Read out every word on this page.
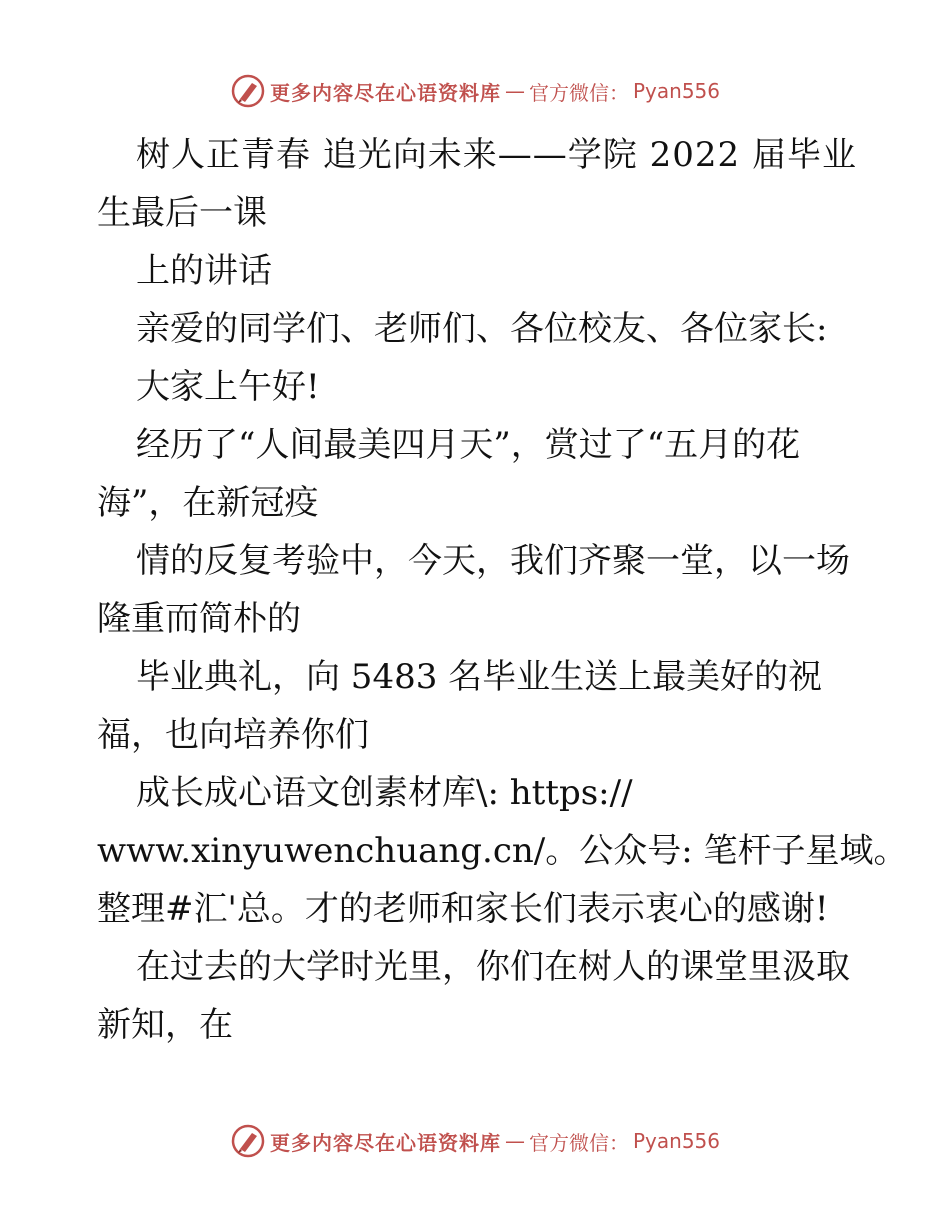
更多内容尽在心语资料库 — 官方微信： Pyan556
树人正青春 追光向未来——学院 2022 届毕业
生最后一课
上的讲话
亲爱的同学们、老师们、各位校友、各位家长:
大家上午好!
经历了“人间最美四月天”，赏过了“五月的花
海”，在新冠疫
情的反复考验中，今天，我们齐聚一堂，以一场
隆重而简朴的
毕业典礼，向 5483 名毕业生送上最美好的祝
福，也向培养你们
成长成心语文创素材库\: https://
www.xinyuwenchuang.cn/。公众号: 笔杆子星域。
整理#汇'总。才的老师和家长们表示衷心的感谢!
在过去的大学时光里，你们在树人的课堂里汲取
新知，在
更多内容尽在心语资料库 — 官方微信： Pyan556
